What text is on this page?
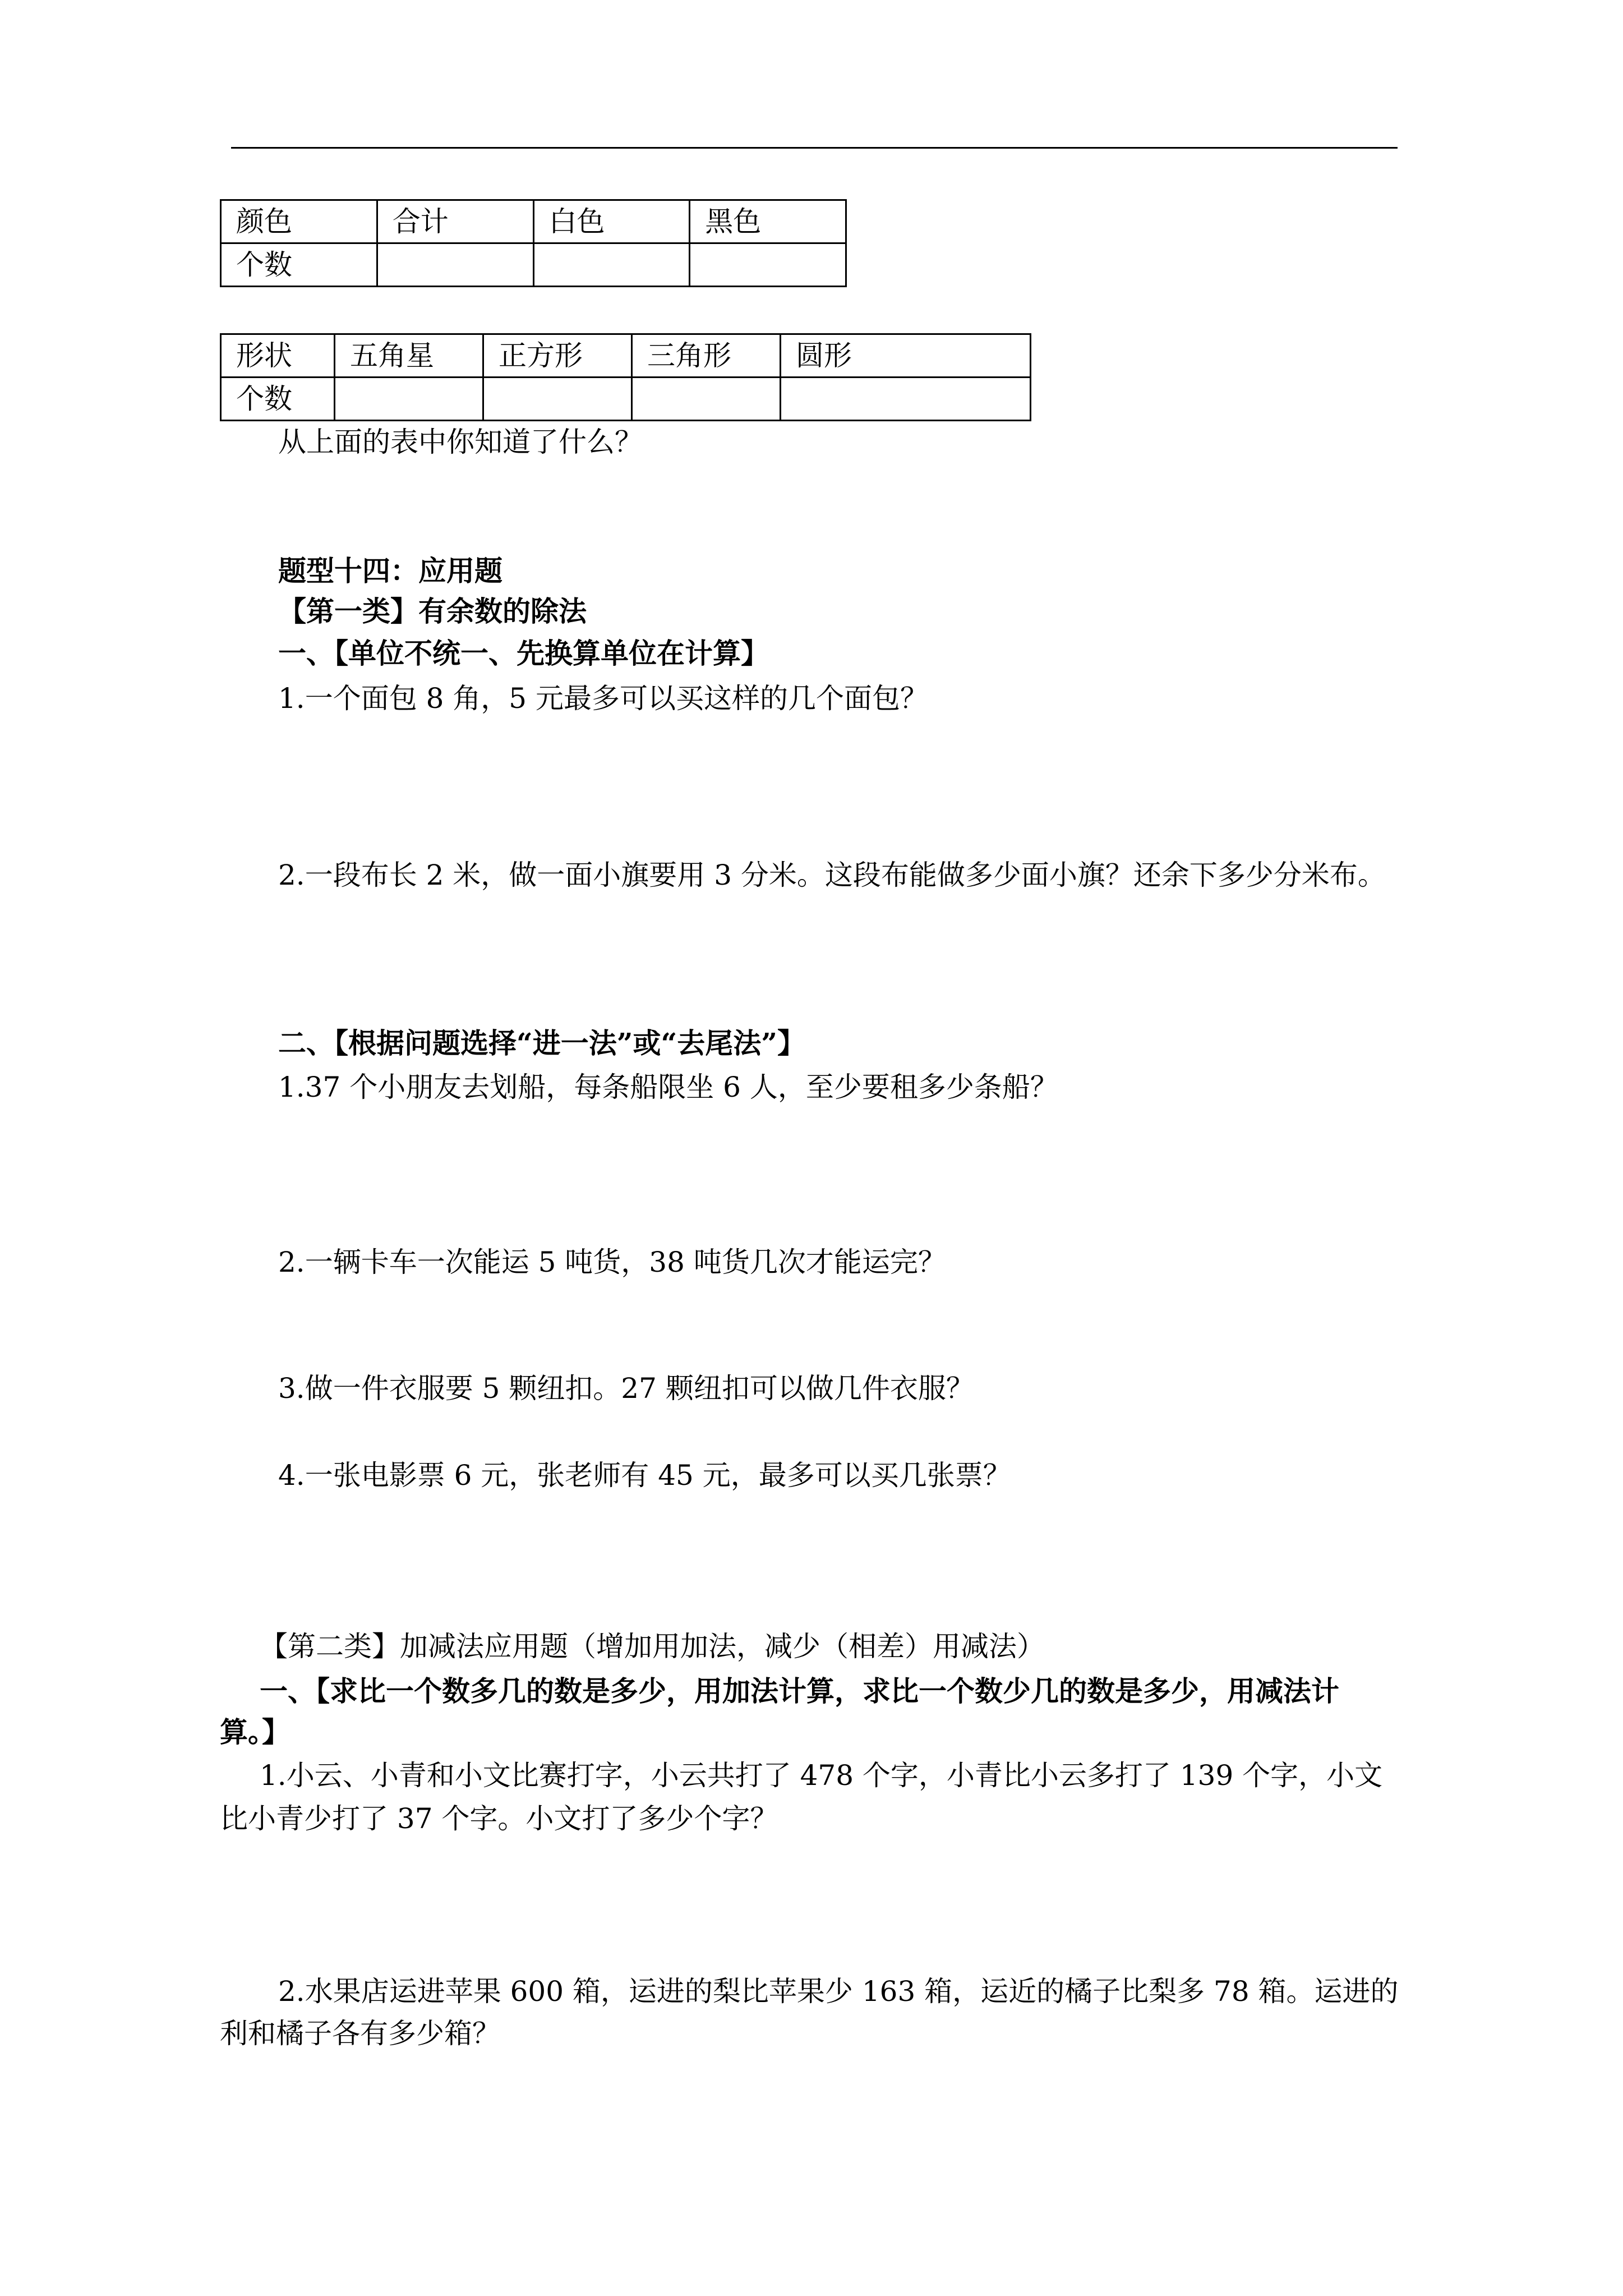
颜色	合计	白色	黑色
个数			
形状	五角星	正方形	三角形	圆形
个数				

从上面的表中你知道了什么？

题型十四：应用题

【第一类】有余数的除法

一、【单位不统一、先换算单位在计算】

1.一个面包 8 角，5 元最多可以买这样的几个面包？

2.一段布长 2 米，做一面小旗要用 3 分米。这段布能做多少面小旗？还余下多少分米布。

二、【根据问题选择“进一法”或“去尾法”】

1.37 个小朋友去划船，每条船限坐 6 人，至少要租多少条船？

2.一辆卡车一次能运 5 吨货，38 吨货几次才能运完？

3.做一件衣服要 5 颗纽扣。27 颗纽扣可以做几件衣服？

4.一张电影票 6 元，张老师有 45 元，最多可以买几张票？

【第二类】加减法应用题（增加用加法，减少（相差）用减法）

一、【求比一个数多几的数是多少，用加法计算，求比一个数少几的数是多少，用减法计

算。】

1.小云、小青和小文比赛打字，小云共打了 478 个字，小青比小云多打了 139 个字，小文

比小青少打了 37 个字。小文打了多少个字？

2.水果店运进苹果 600 箱，运进的梨比苹果少 163 箱，运近的橘子比梨多 78 箱。运进的

利和橘子各有多少箱？
